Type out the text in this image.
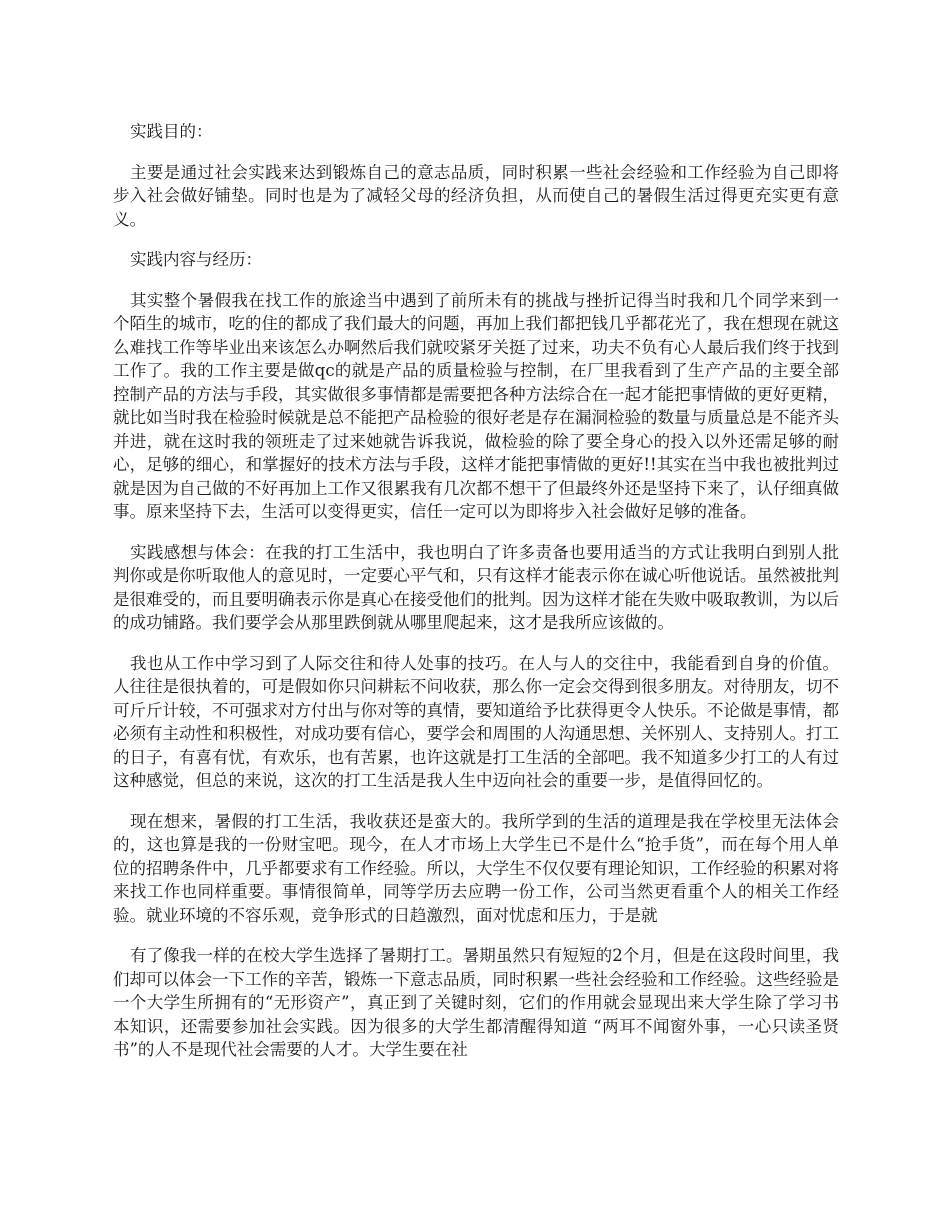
实践目的：

主要是通过社会实践来达到锻炼自己的意志品质，同时积累一些社会经验和工作经验为自己即将步入社会做好铺垫。同时也是为了减轻父母的经济负担，从而使自己的暑假生活过得更充实更有意义。

实践内容与经历：

其实整个暑假我在找工作的旅途当中遇到了前所未有的挑战与挫折记得当时我和几个同学来到一个陌生的城市，吃的住的都成了我们最大的问题，再加上我们都把钱几乎都花光了，我在想现在就这么难找工作等毕业出来该怎么办啊然后我们就咬紧牙关挺了过来，功夫不负有心人最后我们终于找到工作了。我的工作主要是做qc的就是产品的质量检验与控制，在厂里我看到了生产产品的主要全部控制产品的方法与手段，其实做很多事情都是需要把各种方法综合在一起才能把事情做的更好更精，就比如当时我在检验时候就是总不能把产品检验的很好老是存在漏洞检验的数量与质量总是不能齐头并进，就在这时我的领班走了过来她就告诉我说，做检验的除了要全身心的投入以外还需足够的耐心，足够的细心，和掌握好的技术方法与手段，这样才能把事情做的更好!!其实在当中我也被批判过就是因为自己做的不好再加上工作又很累我有几次都不想干了但最终外还是坚持下来了，认仔细真做事。原来坚持下去，生活可以变得更实，信任一定可以为即将步入社会做好足够的准备。

实践感想与体会：在我的打工生活中，我也明白了许多责备也要用适当的方式让我明白到别人批判你或是你听取他人的意见时，一定要心平气和，只有这样才能表示你在诚心听他说话。虽然被批判是很难受的，而且要明确表示你是真心在接受他们的批判。因为这样才能在失败中吸取教训，为以后的成功铺路。我们要学会从那里跌倒就从哪里爬起来，这才是我所应该做的。

我也从工作中学习到了人际交往和待人处事的技巧。在人与人的交往中，我能看到自身的价值。人往往是很执着的，可是假如你只问耕耘不问收获，那么你一定会交得到很多朋友。对待朋友，切不可斤斤计较，不可强求对方付出与你对等的真情，要知道给予比获得更令人快乐。不论做是事情，都必须有主动性和积极性，对成功要有信心，要学会和周围的人沟通思想、关怀别人、支持别人。打工的日子，有喜有忧，有欢乐，也有苦累，也许这就是打工生活的全部吧。我不知道多少打工的人有过这种感觉，但总的来说，这次的打工生活是我人生中迈向社会的重要一步，是值得回忆的。

现在想来，暑假的打工生活，我收获还是蛮大的。我所学到的生活的道理是我在学校里无法体会的，这也算是我的一份财宝吧。现今，在人才市场上大学生已不是什么“抢手货”，而在每个用人单位的招聘条件中，几乎都要求有工作经验。所以，大学生不仅仅要有理论知识，工作经验的积累对将来找工作也同样重要。事情很简单，同等学历去应聘一份工作，公司当然更看重个人的相关工作经验。就业环境的不容乐观，竞争形式的日趋激烈，面对忧虑和压力，于是就

有了像我一样的在校大学生选择了暑期打工。暑期虽然只有短短的2个月，但是在这段时间里，我们却可以体会一下工作的辛苦，锻炼一下意志品质，同时积累一些社会经验和工作经验。这些经验是一个大学生所拥有的“无形资产”，真正到了关键时刻，它们的作用就会显现出来大学生除了学习书本知识，还需要参加社会实践。因为很多的大学生都清醒得知道 “两耳不闻窗外事，一心只读圣贤书”的人不是现代社会需要的人才。大学生要在社
